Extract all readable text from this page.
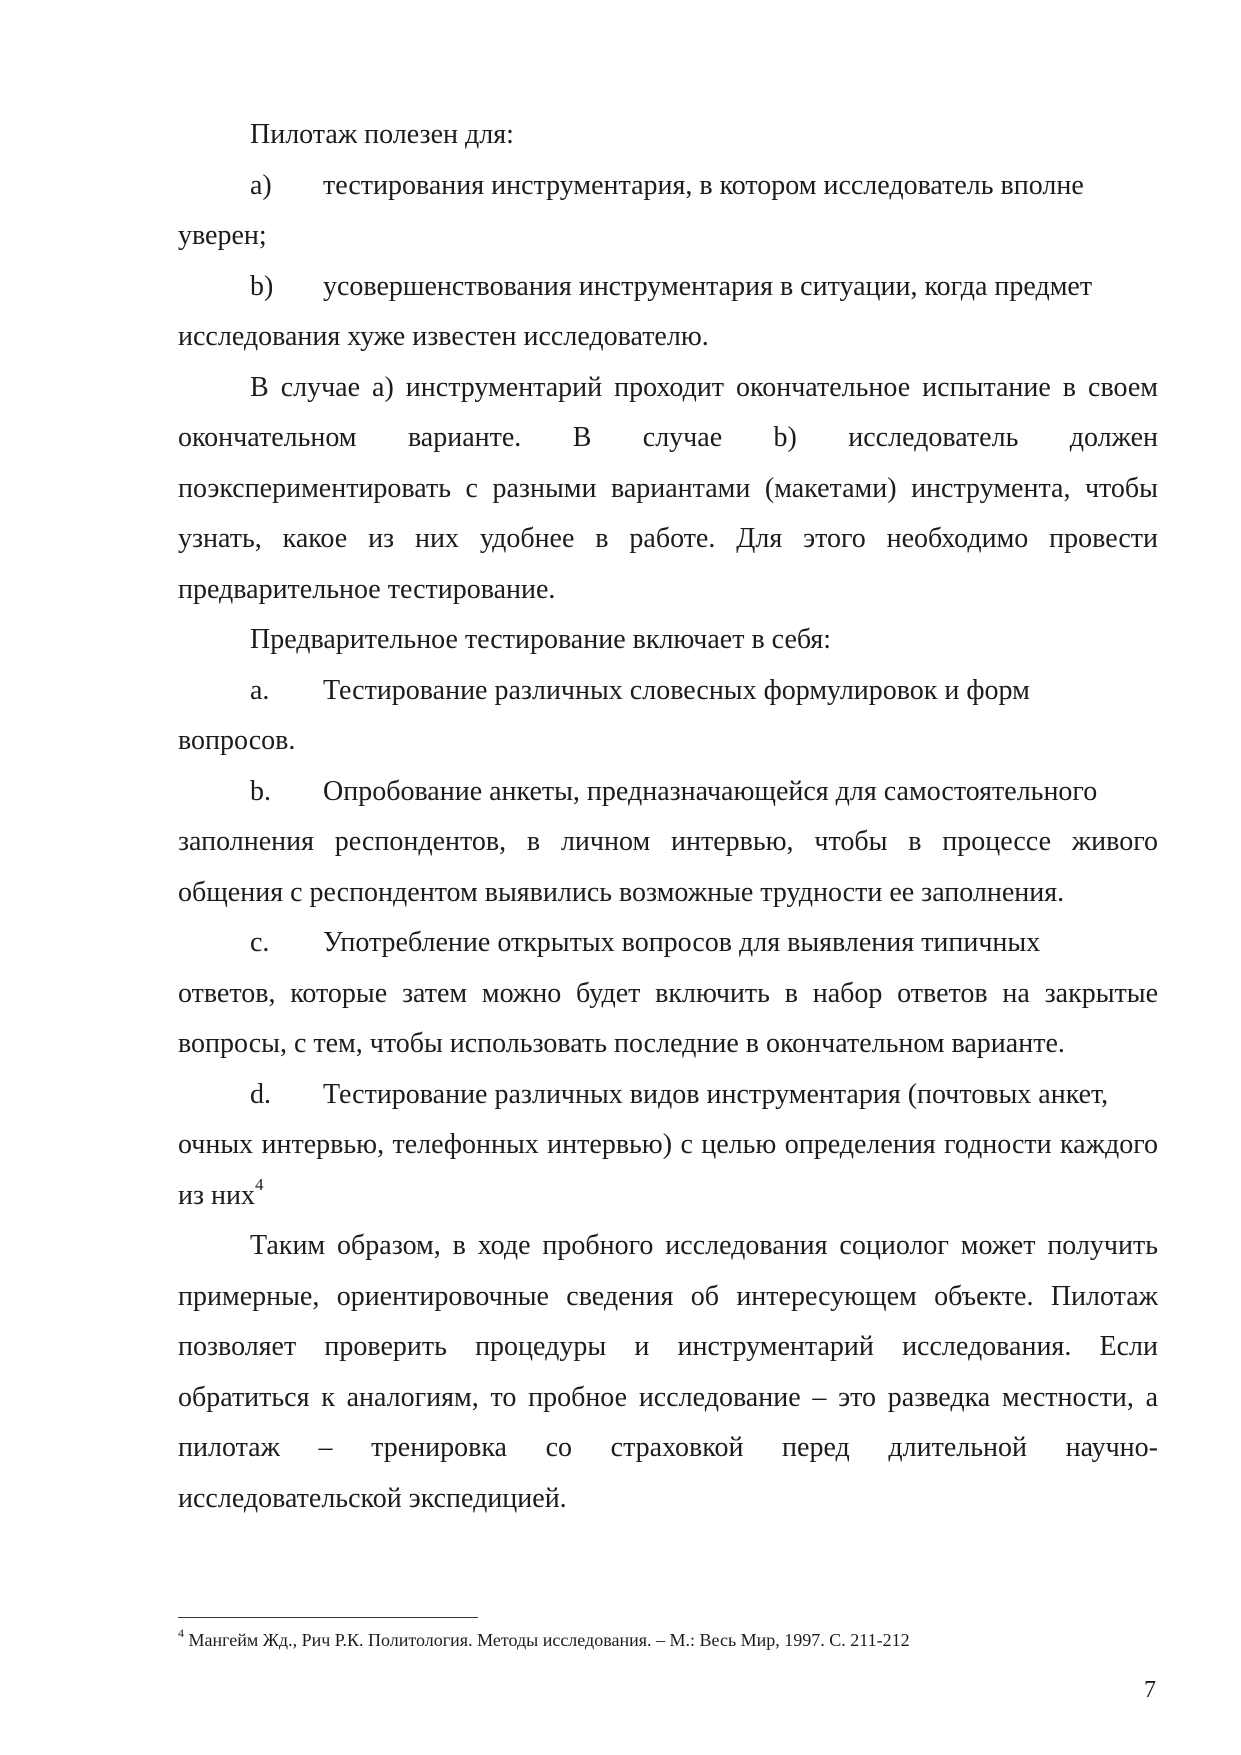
Пилотаж полезен для:

a) тестирования инструментария, в котором исследователь вполне

уверен;

b) усовершенствования инструментария в ситуации, когда предмет

исследования хуже известен исследователю.

В случае а) инструментарий проходит окончательное испытание в своем окончательном варианте. В случае b) исследователь должен поэкспериментировать с разными вариантами (макетами) инструмента, чтобы узнать, какое из них удобнее в работе. Для этого необходимо провести предварительное тестирование.

Предварительное тестирование включает в себя:

a. Тестирование различных словесных формулировок и форм

вопросов.

b. Опробование анкеты, предназначающейся для самостоятельного

заполнения респондентов, в личном интервью, чтобы в процессе живого общения с респондентом выявились возможные трудности ее заполнения.

c. Употребление открытых вопросов для выявления типичных

ответов, которые затем можно будет включить в набор ответов на закрытые вопросы, с тем, чтобы использовать последние в окончательном варианте.

d. Тестирование различных видов инструментария (почтовых анкет,

очных интервью, телефонных интервью) с целью определения годности каждого из них$^4$

Таким образом, в ходе пробного исследования социолог может получить примерные, ориентировочные сведения об интересующем объекте. Пилотаж позволяет проверить процедуры и инструментарий исследования. Если обратиться к аналогиям, то пробное исследование – это разведка местности, а пилотаж – тренировка со страховкой перед длительной научно-исследовательской экспедицией.

$^4$ Мангейм Жд., Рич Р.К. Политология. Методы исследования. – М.: Весь Мир, 1997. С. 211-212
7
